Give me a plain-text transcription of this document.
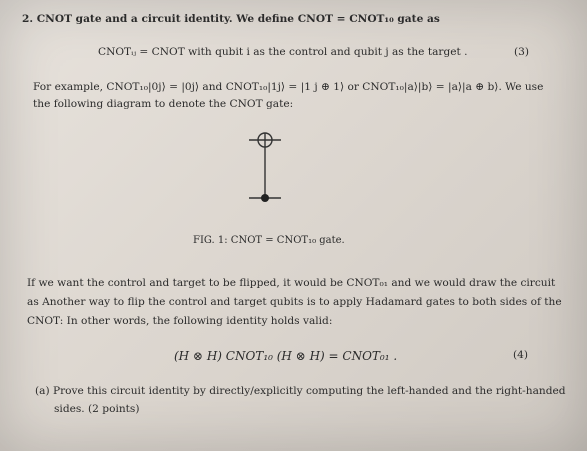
2. CNOT gate and a circuit identity. We define CNOT = CNOT₁₀ gate as
CNOTᵢⱼ = CNOT with qubit i as the control and qubit j as the target .	(3)
For example, CNOT₁₀|0j⟩ = |0j⟩ and CNOT₁₀|1j⟩ = |1 j ⊕ 1⟩ or CNOT₁₀|a⟩|b⟩ = |a⟩|a ⊕ b⟩. We use
the following diagram to denote the CNOT gate:
FIG. 1: CNOT = CNOT₁₀ gate.
If we want the control and target to be flipped, it would be CNOT₀₁ and we would draw the circuit
as Another way to flip the control and target qubits is to apply Hadamard gates to both sides of the
CNOT: In other words, the following identity holds valid:
(H ⊗ H) CNOT₁₀ (H ⊗ H) = CNOT₀₁ .	(4)
(a) Prove this circuit identity by directly/explicitly computing the left-handed and the right-handed
sides. (2 points)
